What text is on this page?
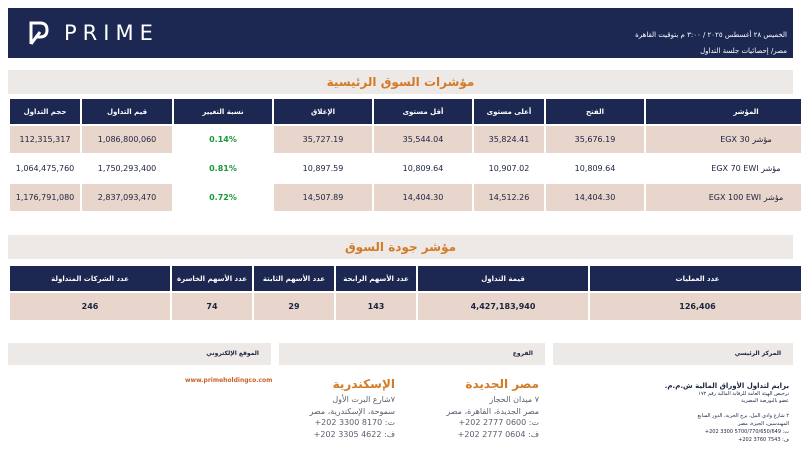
PRIME	الخميس ٢٨ أغسطس ٢٠٢٥ / ٣:٠٠ م بتوقيت القاهرة
مصر/ إحصائيات جلسة التداول
مؤشرات السوق الرئيسية
حجم التداول	قيم التداول	نسبة التغيير	الإغلاق	أقل مستوى	أعلى مستوى	الفتح	المؤشر
112,315,317	1,086,800,060	0.14%	35,727.19	35,544.04	35,824.41	35,676.19	مؤشر EGX 30
1,064,475,760	1,750,293,400	0.81%	10,897.59	10,809.64	10,907.02	10,809.64	مؤشر EGX 70 EWI
1,176,791,080	2,837,093,470	0.72%	14,507.89	14,404.30	14,512.26	14,404.30	مؤشر EGX 100 EWI
مؤشر جودة السوق
عدد الشركات المتداولة	عدد الأسهم الخاسرة	عدد الأسهم الثابتة	عدد الأسهم الرابحة	قيمة التداول	عدد العمليات
246	74	29	143	4,427,183,940	126,406
الموقع الإلكتروني	الفروع	المركز الرئيسي
www.primeholdingco.com	الإسكندرية
٧شارع البرت الأول
سموحة، الإسكندرية، مصر
ت: +202 3300 8170
ف: +202 3305 4622
مصر الجديدة
٧ ميدان الحجاز
مصر الجديدة، القاهرة، مصر
ت: +202 2777 0600
ف: +202 2777 0604
برايم لتداول الأوراق المالية ش.م.م.
ترخيص الهيئة العامة للرقابة المالية رقم ١٧٢
عضو بالبورصة المصرية
٢ شارع وادي النيل، برج الحرية، الدور السابع
المهندسين، الجيزة، مصر
ت: 5700/770/650/649 3300 202+
ف: 7543 3760 202+
